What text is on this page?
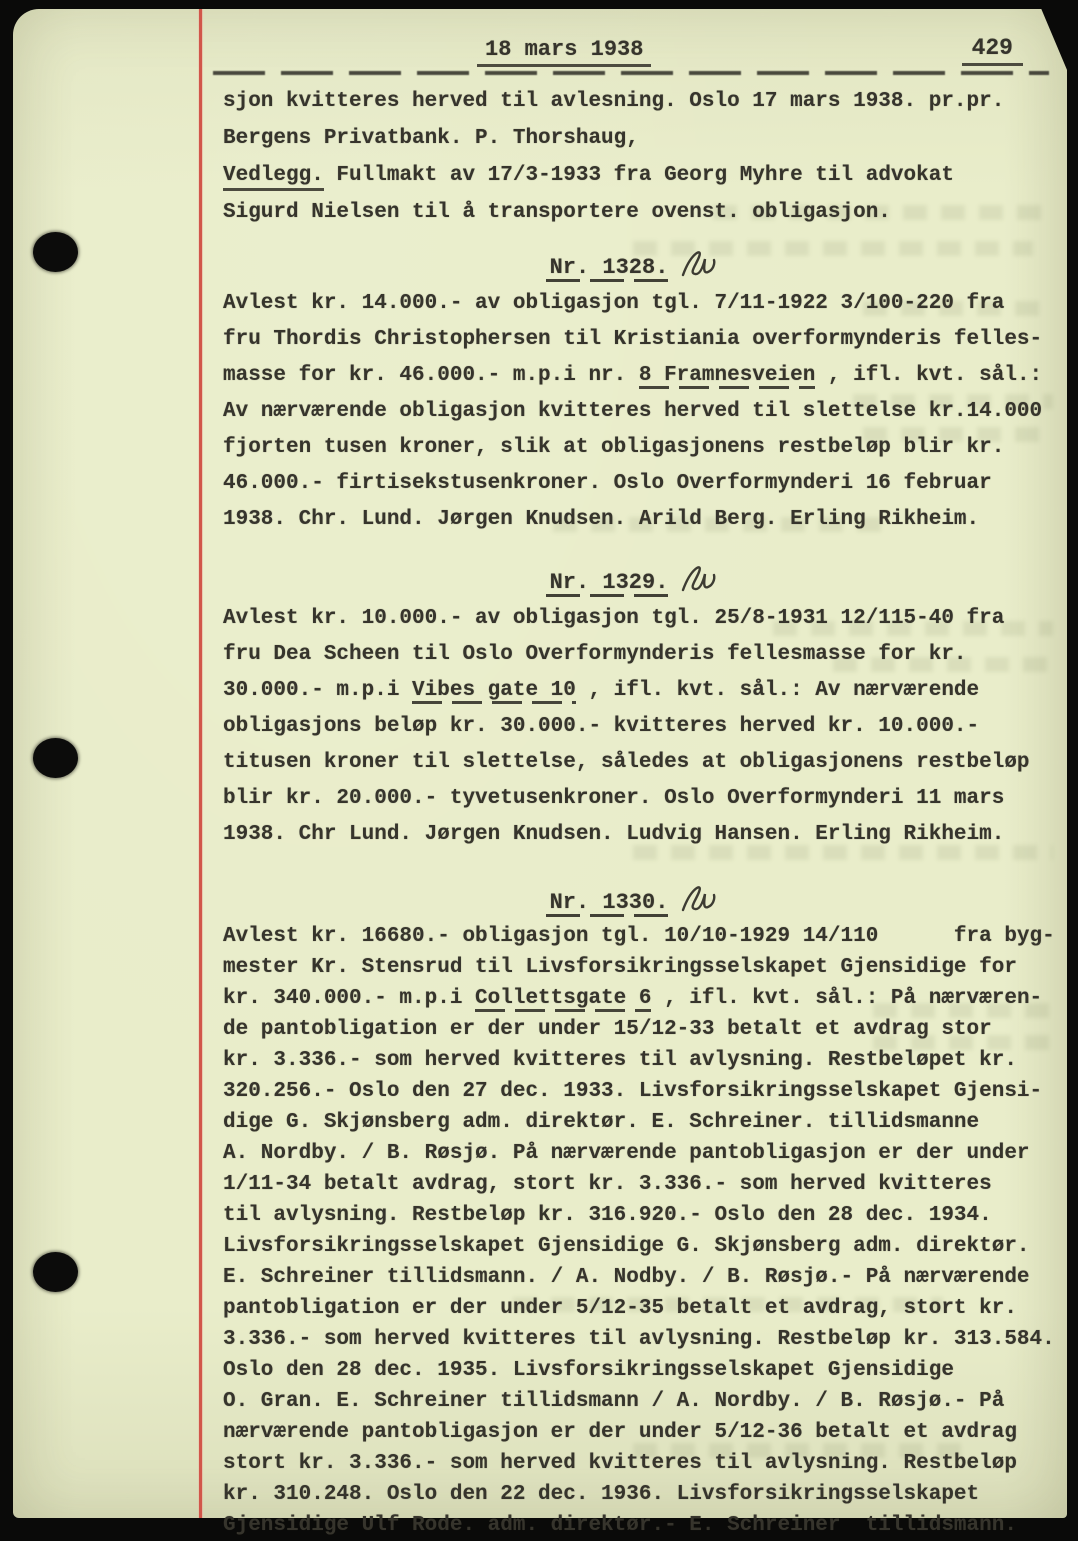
18 mars 1938	429
sjon kvitteres herved til avlesning. Oslo 17 mars 1938. pr.pr.
Bergens Privatbank. P. Thorshaug,
Vedlegg. Fullmakt av 17/3-1933 fra Georg Myhre til advokat
Sigurd Nielsen til å transportere ovenst. obligasjon.
Nr. 1328.
Avlest kr. 14.000.- av obligasjon tgl. 7/11-1922 3/100-220 fra
fru Thordis Christophersen til Kristiania overformynderis felles-
masse for kr. 46.000.- m.p.i nr. 8 Framnesveien , ifl. kvt. sål.:
Av nærværende obligasjon kvitteres herved til slettelse kr.14.000
fjorten tusen kroner, slik at obligasjonens restbeløp blir kr.
46.000.- firtisekstusenkroner. Oslo Overformynderi 16 februar
1938. Chr. Lund. Jørgen Knudsen. Arild Berg. Erling Rikheim.
Nr. 1329.
Avlest kr. 10.000.- av obligasjon tgl. 25/8-1931 12/115-40 fra
fru Dea Scheen til Oslo Overformynderis fellesmasse for kr.
30.000.- m.p.i Vibes gate 10 , ifl. kvt. sål.: Av nærværende
obligasjons beløp kr. 30.000.- kvitteres herved kr. 10.000.-
titusen kroner til slettelse, således at obligasjonens restbeløp
blir kr. 20.000.- tyvetusenkroner. Oslo Overformynderi 11 mars
1938. Chr Lund. Jørgen Knudsen. Ludvig Hansen. Erling Rikheim.
Nr. 1330.
Avlest kr. 16680.- obligasjon tgl. 10/10-1929 14/110      fra byg-
mester Kr. Stensrud til Livsforsikringsselskapet Gjensidige for
kr. 340.000.- m.p.i Collettsgate 6 , ifl. kvt. sål.: På nærværen-
de pantobligation er der under 15/12-33 betalt et avdrag stor
kr. 3.336.- som herved kvitteres til avlysning. Restbeløpet kr.
320.256.- Oslo den 27 dec. 1933. Livsforsikringsselskapet Gjensi-
dige G. Skjønsberg adm. direktør. E. Schreiner. tillidsmanne
A. Nordby. / B. Røsjø. På nærværende pantobligasjon er der under
1/11-34 betalt avdrag, stort kr. 3.336.- som herved kvitteres
til avlysning. Restbeløp kr. 316.920.- Oslo den 28 dec. 1934.
Livsforsikringsselskapet Gjensidige G. Skjønsberg adm. direktør.
E. Schreiner tillidsmann. / A. Nodby. / B. Røsjø.- På nærværende
pantobligation er der under 5/12-35 betalt et avdrag, stort kr.
3.336.- som herved kvitteres til avlysning. Restbeløp kr. 313.584.
Oslo den 28 dec. 1935. Livsforsikringsselskapet Gjensidige
O. Gran. E. Schreiner tillidsmann / A. Nordby. / B. Røsjø.- På
nærværende pantobligasjon er der under 5/12-36 betalt et avdrag
stort kr. 3.336.- som herved kvitteres til avlysning. Restbeløp
kr. 310.248. Oslo den 22 dec. 1936. Livsforsikringsselskapet
Gjensidige Ulf Rode. adm. direktør.- E. Schreiner  tillidsmann.
